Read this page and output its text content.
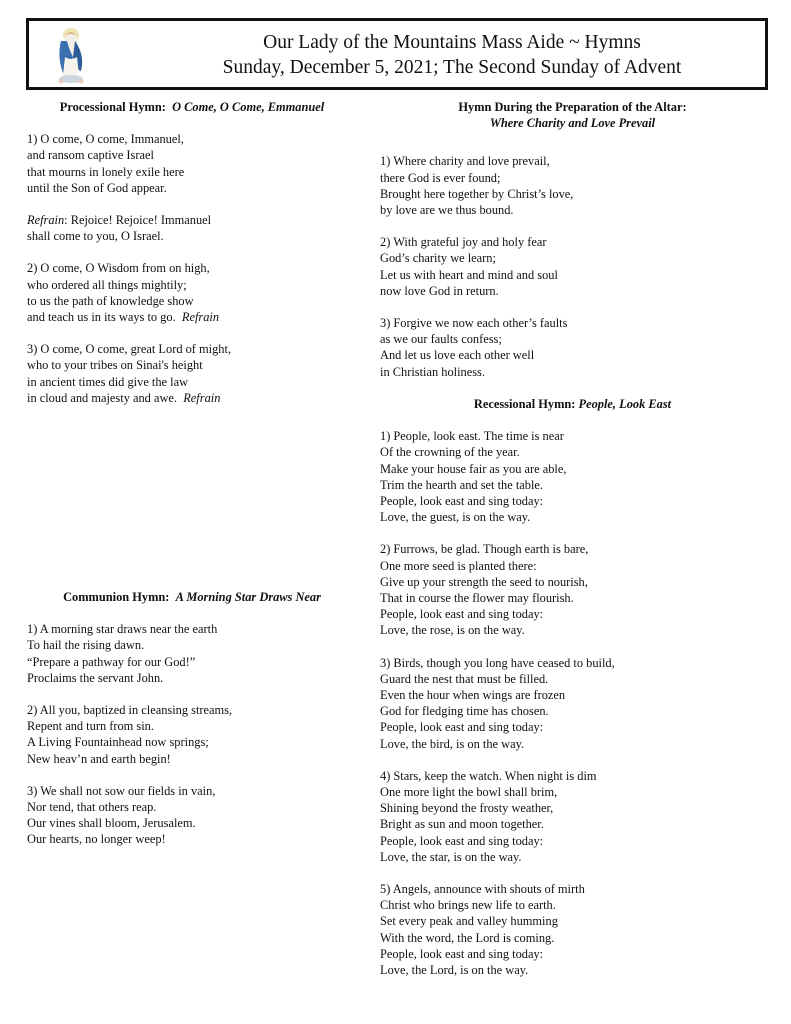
Our Lady of the Mountains Mass Aide ~ Hymns
Sunday, December 5, 2021; The Second Sunday of Advent
Processional Hymn: O Come, O Come, Emmanuel
1) O come, O come, Immanuel,
and ransom captive Israel
that mourns in lonely exile here
until the Son of God appear.
Refrain: Rejoice! Rejoice! Immanuel
shall come to you, O Israel.
2) O come, O Wisdom from on high,
who ordered all things mightily;
to us the path of knowledge show
and teach us in its ways to go. Refrain
3) O come, O come, great Lord of might,
who to your tribes on Sinai's height
in ancient times did give the law
in cloud and majesty and awe. Refrain
Communion Hymn: A Morning Star Draws Near
1) A morning star draws near the earth
To hail the rising dawn.
“Prepare a pathway for our God!”
Proclaims the servant John.
2) All you, baptized in cleansing streams,
Repent and turn from sin.
A Living Fountainhead now springs;
New heav’n and earth begin!
3) We shall not sow our fields in vain,
Nor tend, that others reap.
Our vines shall bloom, Jerusalem.
Our hearts, no longer weep!
Hymn During the Preparation of the Altar:
Where Charity and Love Prevail
1) Where charity and love prevail,
there God is ever found;
Brought here together by Christ’s love,
by love are we thus bound.
2) With grateful joy and holy fear
God’s charity we learn;
Let us with heart and mind and soul
now love God in return.
3) Forgive we now each other’s faults
as we our faults confess;
And let us love each other well
in Christian holiness.
Recessional Hymn: People, Look East
1) People, look east. The time is near
Of the crowning of the year.
Make your house fair as you are able,
Trim the hearth and set the table.
People, look east and sing today:
Love, the guest, is on the way.
2) Furrows, be glad. Though earth is bare,
One more seed is planted there:
Give up your strength the seed to nourish,
That in course the flower may flourish.
People, look east and sing today:
Love, the rose, is on the way.
3) Birds, though you long have ceased to build,
Guard the nest that must be filled.
Even the hour when wings are frozen
God for fledging time has chosen.
People, look east and sing today:
Love, the bird, is on the way.
4) Stars, keep the watch. When night is dim
One more light the bowl shall brim,
Shining beyond the frosty weather,
Bright as sun and moon together.
People, look east and sing today:
Love, the star, is on the way.
5) Angels, announce with shouts of mirth
Christ who brings new life to earth.
Set every peak and valley humming
With the word, the Lord is coming.
People, look east and sing today:
Love, the Lord, is on the way.
